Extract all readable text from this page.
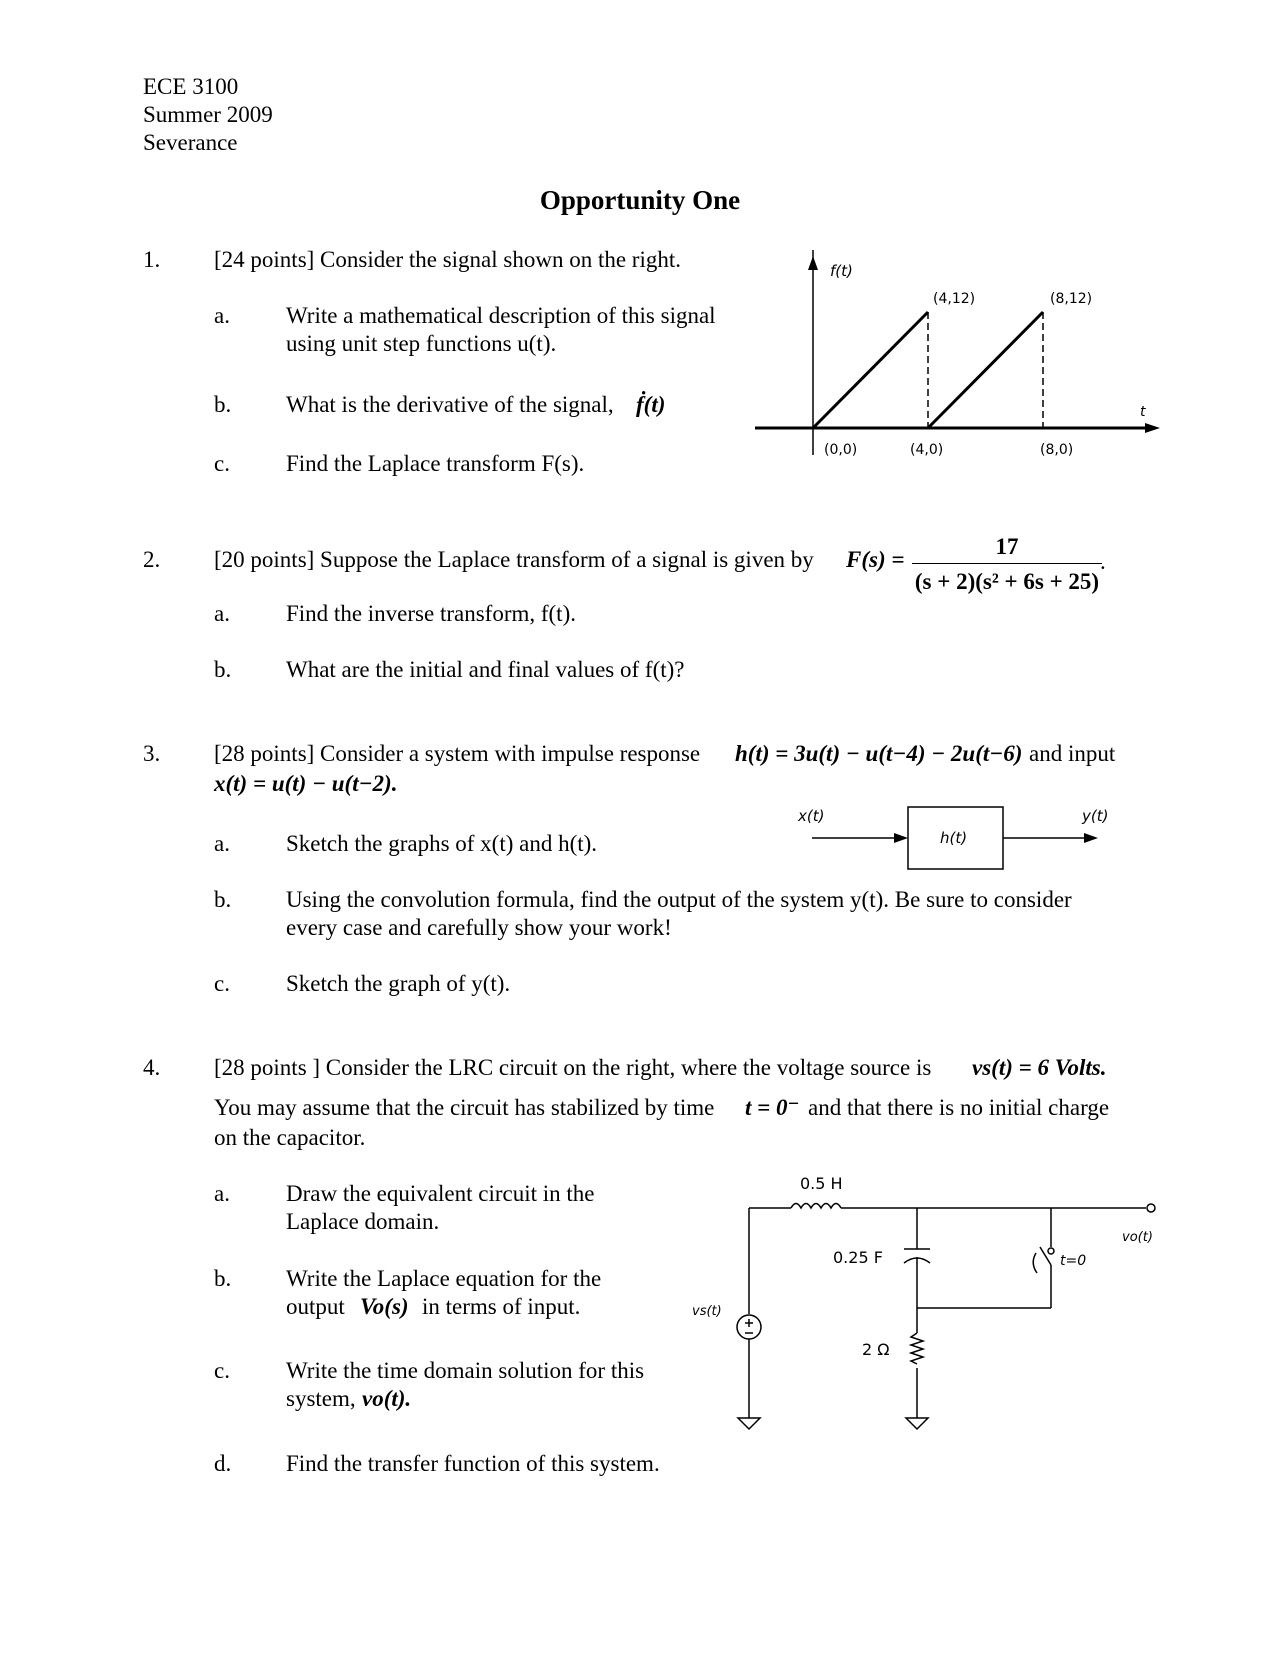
ECE 3100
Summer 2009
Severance
Opportunity One
1. [24 points] Consider the signal shown on the right.
a. Write a mathematical description of this signal
using unit step functions u(t).
b. What is the derivative of the signal, ḟ(t)
c. Find the Laplace transform F(s).
f(t)
t
(4,12)	(8,12)
(0,0)	(4,0)	(8,0)
2. [20 points] Suppose the Laplace transform of a signal is given by F(s) =
17
(s + 2)(s² + 6s + 25)
.
a. Find the inverse transform, f(t).
b. What are the initial and final values of f(t)?
3. [28 points] Consider a system with impulse response h(t) = 3u(t) − u(t−4) − 2u(t−6) and input
x(t) = u(t) − u(t−2).
x(t)
h(t)
y(t)
a. Sketch the graphs of x(t) and h(t).
b. Using the convolution formula, find the output of the system y(t). Be sure to consider
every case and carefully show your work!
c. Sketch the graph of y(t).
4. [28 points ] Consider the LRC circuit on the right, where the voltage source is vs(t) = 6 Volts.
You may assume that the circuit has stabilized by time t = 0⁻ and that there is no initial charge
on the capacitor.
a. Draw the equivalent circuit in the
Laplace domain.
b. Write the Laplace equation for the
output Vo(s) in terms of input.
c. Write the time domain solution for this
system, vo(t).
d. Find the transfer function of this system.
0.5 H
0.25 F
2 Ω
vs(t)
vo(t)
t=0
